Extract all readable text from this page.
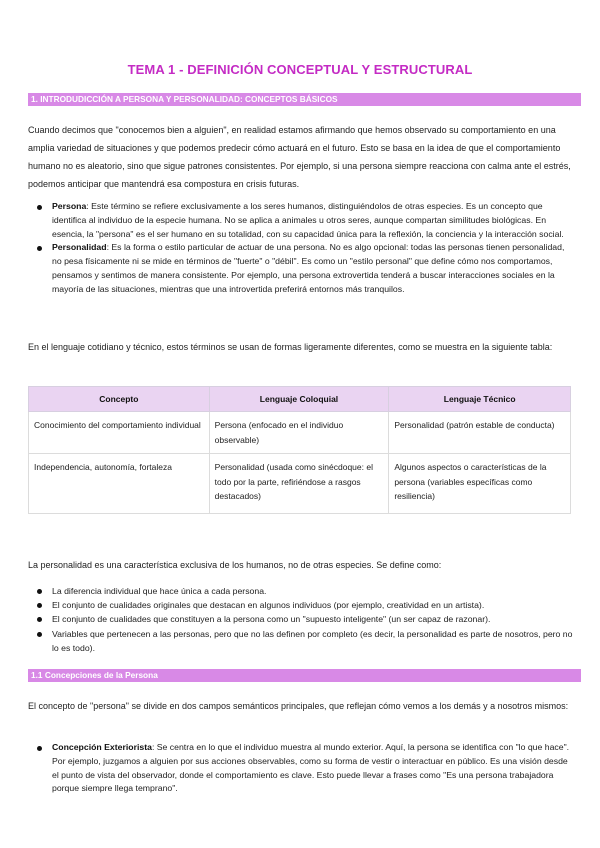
TEMA 1 - DEFINICIÓN CONCEPTUAL Y ESTRUCTURAL
1. INTRODUDICCIÓN A PERSONA Y PERSONALIDAD: CONCEPTOS BÁSICOS

Cuando decimos que "conocemos bien a alguien", en realidad estamos afirmando que hemos observado su comportamiento en una amplia variedad de situaciones y que podemos predecir cómo actuará en el futuro. Esto se basa en la idea de que el comportamiento humano no es aleatorio, sino que sigue patrones consistentes. Por ejemplo, si una persona siempre reacciona con calma ante el estrés, podemos anticipar que mantendrá esa compostura en crisis futuras.

Persona: Este término se refiere exclusivamente a los seres humanos, distinguiéndolos de otras especies. Es un concepto que identifica al individuo de la especie humana. No se aplica a animales u otros seres, aunque compartan similitudes biológicas. En esencia, la "persona" es el ser humano en su totalidad, con su capacidad única para la reflexión, la conciencia y la interacción social.
Personalidad: Es la forma o estilo particular de actuar de una persona. No es algo opcional: todas las personas tienen personalidad, no pesa físicamente ni se mide en términos de "fuerte" o "débil". Es como un "estilo personal" que define cómo nos comportamos, pensamos y sentimos de manera consistente. Por ejemplo, una persona extrovertida tenderá a buscar interacciones sociales en la mayoría de las situaciones, mientras que una introvertida preferirá entornos más tranquilos.

En el lenguaje cotidiano y técnico, estos términos se usan de formas ligeramente diferentes, como se muestra en la siguiente tabla:

Concepto	Lenguaje Coloquial	Lenguaje Técnico
Conocimiento del comportamiento individual	Persona (enfocado en el individuo observable)	Personalidad (patrón estable de conducta)
Independencia, autonomía, fortaleza	Personalidad (usada como sinécdoque: el todo por la parte, refiriéndose a rasgos destacados)	Algunos aspectos o características de la persona (variables específicas como resiliencia)

La personalidad es una característica exclusiva de los humanos, no de otras especies. Se define como:

La diferencia individual que hace única a cada persona.
El conjunto de cualidades originales que destacan en algunos individuos (por ejemplo, creatividad en un artista).
El conjunto de cualidades que constituyen a la persona como un "supuesto inteligente" (un ser capaz de razonar).
Variables que pertenecen a las personas, pero que no las definen por completo (es decir, la personalidad es parte de nosotros, pero no lo es todo).
1.1 Concepciones de la Persona

El concepto de "persona" se divide en dos campos semánticos principales, que reflejan cómo vemos a los demás y a nosotros mismos:

Concepción Exteriorista: Se centra en lo que el individuo muestra al mundo exterior. Aquí, la persona se identifica con "lo que hace". Por ejemplo, juzgamos a alguien por sus acciones observables, como su forma de vestir o interactuar en público. Es una visión desde el punto de vista del observador, donde el comportamiento es clave. Esto puede llevar a frases como "Es una persona trabajadora porque siempre llega temprano".
